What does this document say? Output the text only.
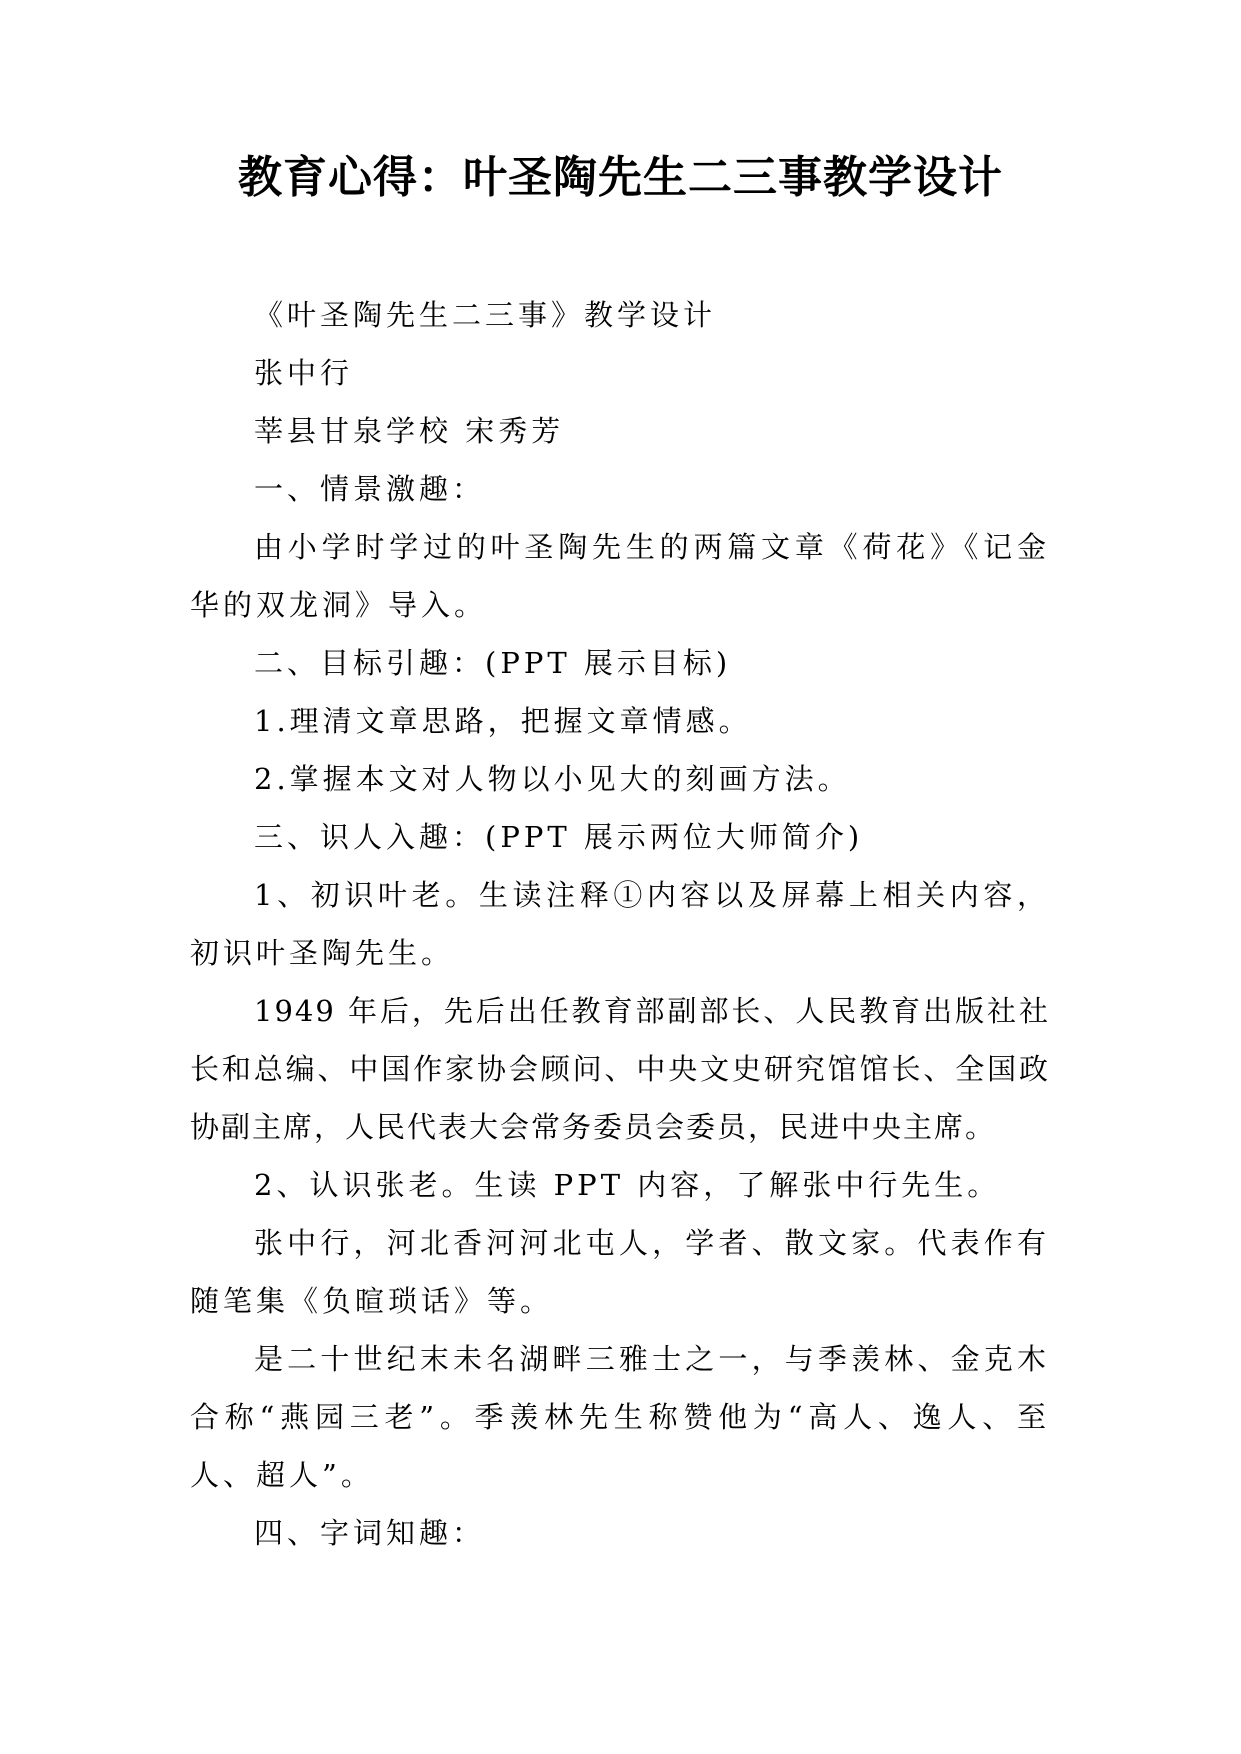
教育心得：叶圣陶先生二三事教学设计

《叶圣陶先生二三事》教学设计

张中行

莘县甘泉学校 宋秀芳

一、情景激趣：

由小学时学过的叶圣陶先生的两篇文章《荷花》《记金华的双龙洞》导入。

二、目标引趣：(PPT 展示目标)

1.理清文章思路，把握文章情感。

2.掌握本文对人物以小见大的刻画方法。

三、识人入趣：(PPT 展示两位大师简介)

1、初识叶老。生读注释①内容以及屏幕上相关内容，初识叶圣陶先生。

1949 年后，先后出任教育部副部长、人民教育出版社社长和总编、中国作家协会顾问、中央文史研究馆馆长、全国政协副主席，人民代表大会常务委员会委员，民进中央主席。

2、认识张老。生读 PPT 内容，了解张中行先生。

张中行，河北香河河北屯人，学者、散文家。代表作有随笔集《负暄琐话》等。

是二十世纪末未名湖畔三雅士之一，与季羡林、金克木合称“燕园三老”。季羡林先生称赞他为“高人、逸人、至人、超人”。

四、字词知趣：
